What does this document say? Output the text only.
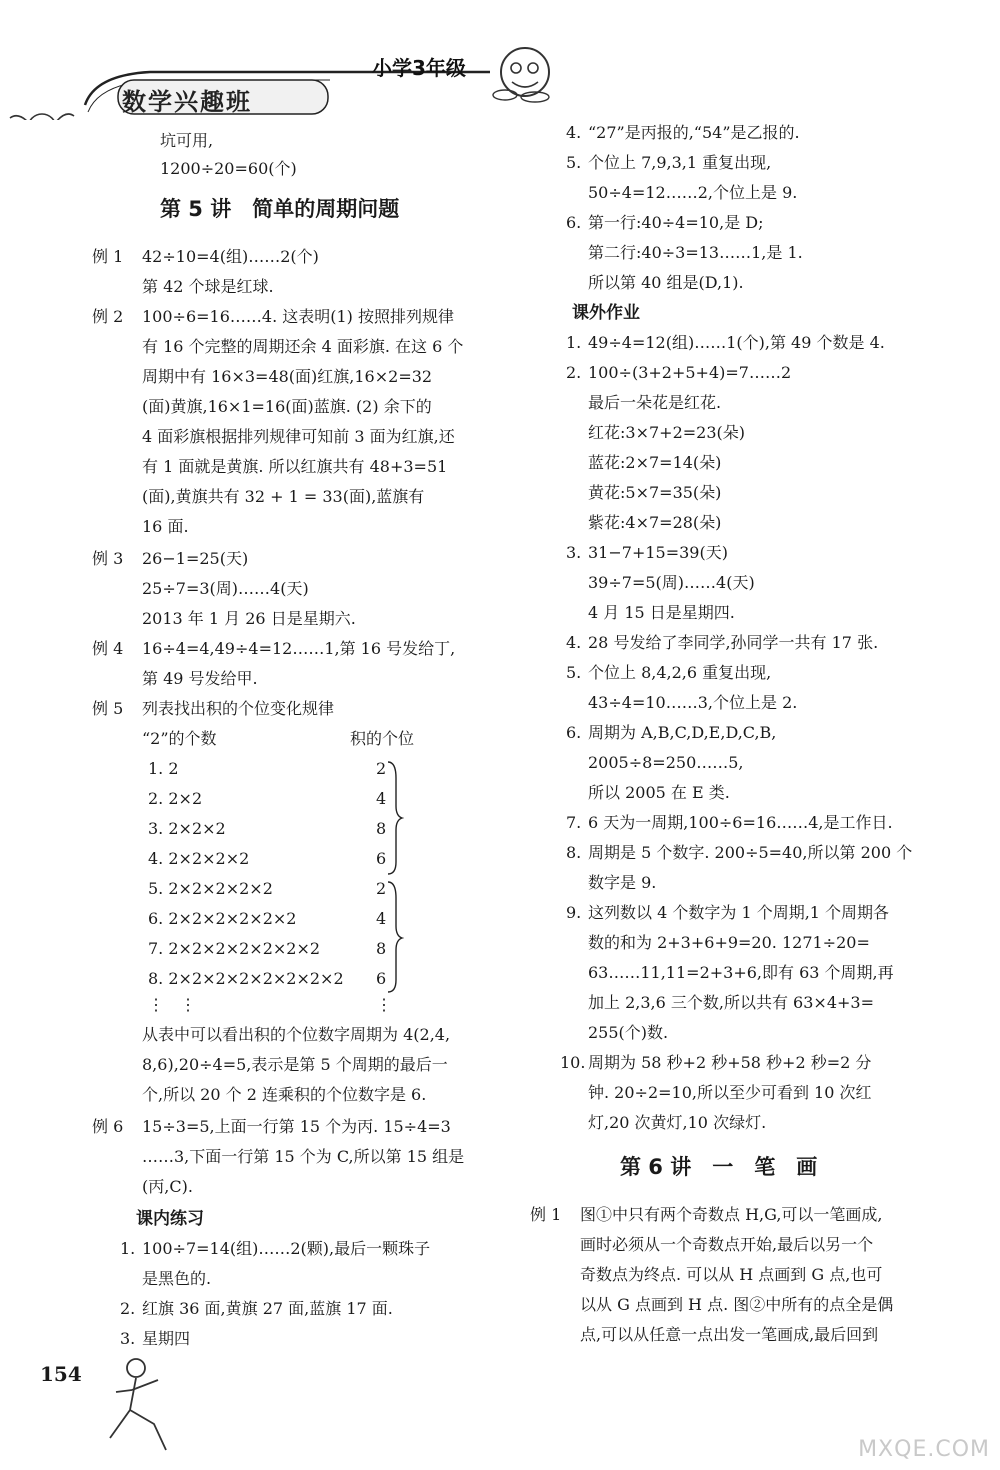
数学兴趣班
小学3年级
坑可用,
1200÷20=60(个)
第 5 讲　简单的周期问题
例 1 42÷10=4(组)……2(个)
第 42 个球是红球.
例 2 100÷6=16……4. 这表明(1) 按照排列规律
有 16 个完整的周期还余 4 面彩旗. 在这 6 个
周期中有 16×3=48(面)红旗,16×2=32
(面)黄旗,16×1=16(面)蓝旗. (2) 余下的
4 面彩旗根据排列规律可知前 3 面为红旗,还
有 1 面就是黄旗. 所以红旗共有 48+3=51
(面),黄旗共有 32 + 1 = 33(面),蓝旗有
16 面.
例 3 26−1=25(天)
25÷7=3(周)……4(天)
2013 年 1 月 26 日是星期六.
例 4 16÷4=4,49÷4=12……1,第 16 号发给丁,
第 49 号发给甲.
例 5 列表找出积的个位变化规律
“2”的个数	积的个位
1. 2	2
2. 2×2	4
3. 2×2×2	8
4. 2×2×2×2	6
5. 2×2×2×2×2	2
6. 2×2×2×2×2×2	4
7. 2×2×2×2×2×2×2	8
8. 2×2×2×2×2×2×2×2 6
⋮　⋮	⋮
从表中可以看出积的个位数字周期为 4(2,4,
8,6),20÷4=5,表示是第 5 个周期的最后一
个,所以 20 个 2 连乘积的个位数字是 6.
例 6 15÷3=5,上面一行第 15 个为丙. 15÷4=3
……3,下面一行第 15 个为 C,所以第 15 组是
(丙,C).
课内练习
1. 100÷7=14(组)……2(颗),最后一颗珠子
是黑色的.
2. 红旗 36 面,黄旗 27 面,蓝旗 17 面.
3. 星期四
4. “27”是丙报的,“54”是乙报的.
5. 个位上 7,9,3,1 重复出现,
50÷4=12……2,个位上是 9.
6. 第一行:40÷4=10,是 D;
第二行:40÷3=13……1,是 1.
所以第 40 组是(D,1).
课外作业
1. 49÷4=12(组)……1(个),第 49 个数是 4.
2. 100÷(3+2+5+4)=7……2
最后一朵花是红花.
红花:3×7+2=23(朵)
蓝花:2×7=14(朵)
黄花:5×7=35(朵)
紫花:4×7=28(朵)
3. 31−7+15=39(天)
39÷7=5(周)……4(天)
4 月 15 日是星期四.
4. 28 号发给了李同学,孙同学一共有 17 张.
5. 个位上 8,4,2,6 重复出现,
43÷4=10……3,个位上是 2.
6. 周期为 A,B,C,D,E,D,C,B,
2005÷8=250……5,
所以 2005 在 E 类.
7. 6 天为一周期,100÷6=16……4,是工作日.
8. 周期是 5 个数字. 200÷5=40,所以第 200 个
数字是 9.
9. 这列数以 4 个数字为 1 个周期,1 个周期各
数的和为 2+3+6+9=20. 1271÷20=
63……11,11=2+3+6,即有 63 个周期,再
加上 2,3,6 三个数,所以共有 63×4+3=
255(个)数.
10. 周期为 58 秒+2 秒+58 秒+2 秒=2 分
钟. 20÷2=10,所以至少可看到 10 次红
灯,20 次黄灯,10 次绿灯.
第 6 讲　一　笔　画
例 1 图①中只有两个奇数点 H,G,可以一笔画成,
画时必须从一个奇数点开始,最后以另一个
奇数点为终点. 可以从 H 点画到 G 点,也可
以从 G 点画到 H 点. 图②中所有的点全是偶
点,可以从任意一点出发一笔画成,最后回到
154
MXQE.COM
